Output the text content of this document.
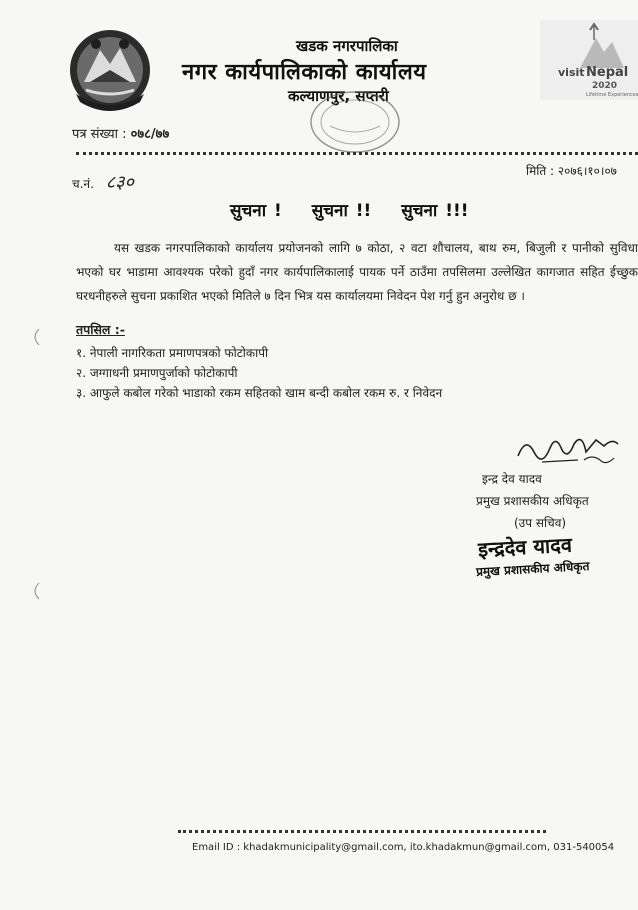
खडक नगरपालिका
नगर कार्यपालिकाको कार्यालय
कल्याणपुर, सप्तरी
visit Nepal
2020
Lifetime Experiences
पत्र संख्या : ०७८/७७
मिति : २०७६।१०।०७
च.नं. ८३०
सुचना ! सुचना !! सुचना !!!

यस खडक नगरपालिकाको कार्यालय प्रयोजनको लागि ७ कोठा, २ वटा शौचालय, बाथ रुम, बिजुली र पानीको सुविधा भएको घर भाडामा आवश्यक परेको हुदाँ नगर कार्यपालिकालाई पायक पर्ने ठाउँमा तपसिलमा उल्लेखित कागजात सहित ईच्छुक घरधनीहरुले सुचना प्रकाशित भएको मितिले ७ दिन भित्र यस कार्यालयमा निवेदन पेश गर्नु हुन अनुरोध छ ।

तपसिल :-
१. नेपाली नागरिकता प्रमाणपत्रको फोटोकापी
२. जग्गाधनी प्रमाणपुर्जाको फोटोकापी
३. आफुले कबोल गरेको भाडाको रकम सहितको खाम बन्दी कबोल रकम रु. र निवेदन
इन्द्र देव यादव
प्रमुख प्रशासकीय अधिकृत
(उप सचिव)
इन्द्रदेव यादव
प्रमुख प्रशासकीय अधिकृत
Email ID : khadakmunicipality@gmail.com, ito.khadakmun@gmail.com, 031-540054
